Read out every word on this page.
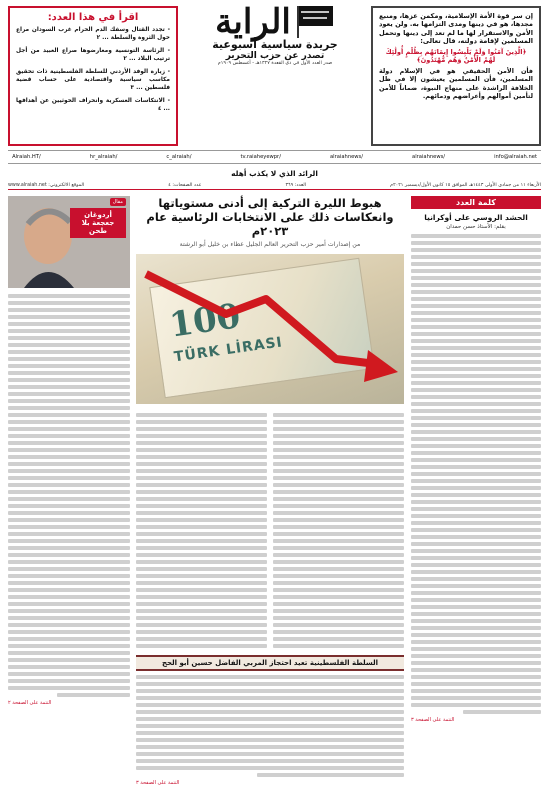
إن سر قوة الأمة الإسلامية، ومكمن عزها، ومنبع مجدها، هو في دينها ومدى التزامها به. ولن يعود الأمن والاستقرار لها ما لم تعد إلى دينها وتحمل المسلمين لإقامة دولته، قال تعالى:
﴿الَّذِينَ آمَنُوا وَلَمْ يَلْبِسُوا إِيمَانَهُم بِظُلْمٍ أُولَٰئِكَ لَهُمُ الْأَمْنُ وَهُم مُّهْتَدُونَ﴾
فأن الأمن الحقيقي هو في الإسلام دولة المسلمين، فأن المسلمين يعيشون إلا في ظل الخلافة الراشدة على منهاج النبوة، ضماناً للأمن لتأمين أموالهم وأعراضهم ودمائهم.
الراية
جريدة سياسية أسبوعية
تصدر عن حزب التحرير
صدر العدد الأول في ذي القعدة ١٣٢٧هـ - أغسطس ١٩٠٩م
اقرأ في هذا العدد:
- تجدد القتال وسفك الدم الحرام غرب السودان مراع حول الثروة والسلطة ... ٢
- الرئاسة التونسية ومعارضوها صراع العبيد من أجل ترتيب البلاد ... ٢
- زيارة الوفد الأردني للسلطة الفلسطينية ذات تحقيق مكاسب سياسية واقتصادية على حساب قضية فلسطين ... ٣
- الانتكاسات العسكرية وانحراف الحوثيين عن أهدافها ... ٤
info@alraiah.net
/alraiahnews
/alraiahnews
/tv.raiaheyewpr
/c_alraiah
/hr_alraiah
/Alraiah.HT
الرائد الذي لا يكذب أهله
الأربعاء ١١ من جمادى الأولى ١٤٤٣هـ الموافق ١٥ كانون الأول/ديسمبر ٢٠٢١م
العدد: ٣٦٩
عدد الصفحات: ٤
الموقع الالكتروني: www.alraiah.net
كلمة العدد
الحشد الروسي على أوكرانيا
بقلم: الأستاذ حسن حمدان
التتمة على الصفحة ٣
هبوط الليرة التركية إلى أدنى مستوياتها وانعكاسات ذلك على الانتخابات الرئاسية عام ٢٠٢٣م
من إصدارات أمير حزب التحرير العالم الجليل عطاء بن خليل أبو الرشتة
100
TÜRK LİRASI
السلطة الفلسطينية تعيد احتجاز المربي الفاضل حسين أبو الحج
التتمة على الصفحة ٣
أردوغان جعجعة بلا طحن
مقال
التتمة على الصفحة ٢
